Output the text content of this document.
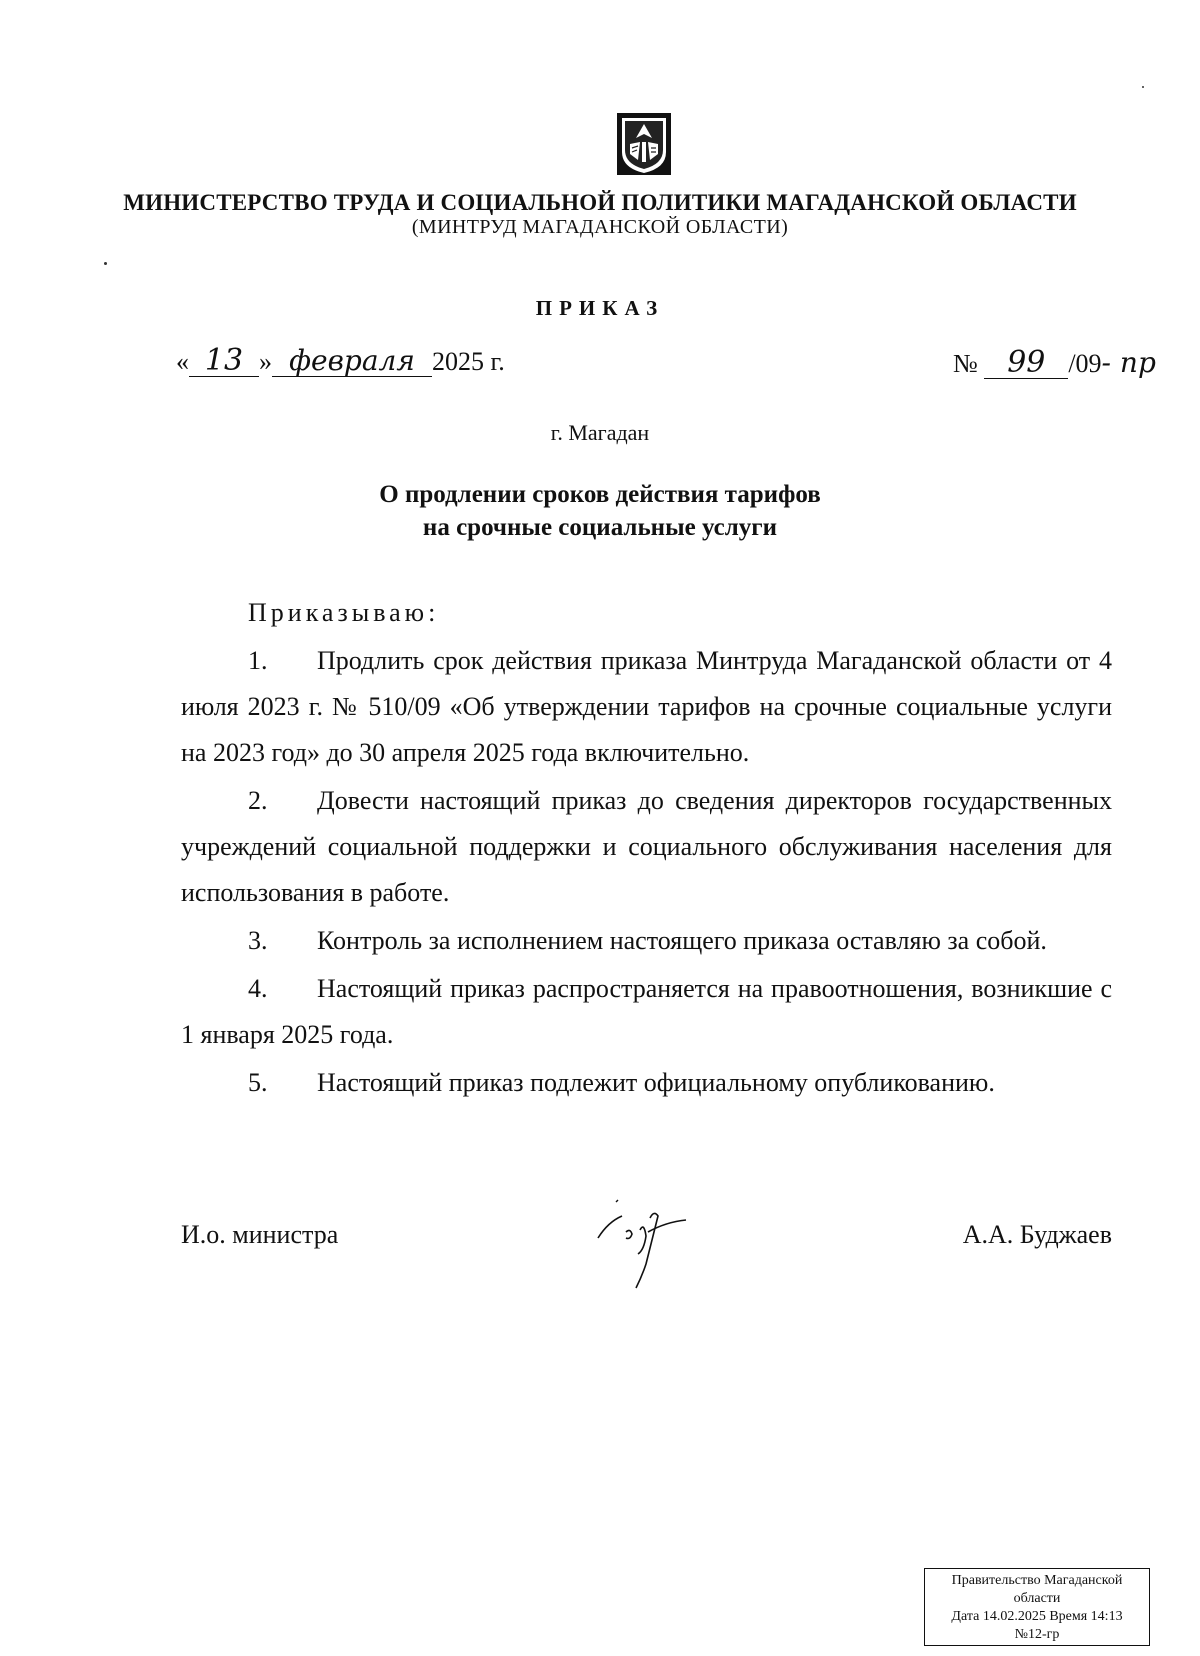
МИНИСТЕРСТВО ТРУДА И СОЦИАЛЬНОЙ ПОЛИТИКИ МАГАДАНСКОЙ ОБЛАСТИ
(МИНТРУД МАГАДАНСКОЙ ОБЛАСТИ)
ПРИКАЗ
« 13 » февраля 2025 г.	№ 99 /09- пр
г. Магадан
О продлении сроков действия тарифов
на срочные социальные услуги

Приказываю:

1. Продлить срок действия приказа Минтруда Магаданской области от 4 июля 2023 г. № 510/09 «Об утверждении тарифов на срочные социальные услуги на 2023 год» до 30 апреля 2025 года включительно.

2. Довести настоящий приказ до сведения директоров государственных учреждений социальной поддержки и социального обслуживания населения для использования в работе.

3. Контроль за исполнением настоящего приказа оставляю за собой.

4. Настоящий приказ распространяется на правоотношения, возникшие с 1 января 2025 года.

5. Настоящий приказ подлежит официальному опубликованию.

И.о. министра	А.А. Буджаев
Правительство Магаданской
области
Дата 14.02.2025 Время 14:13
№12-гр
